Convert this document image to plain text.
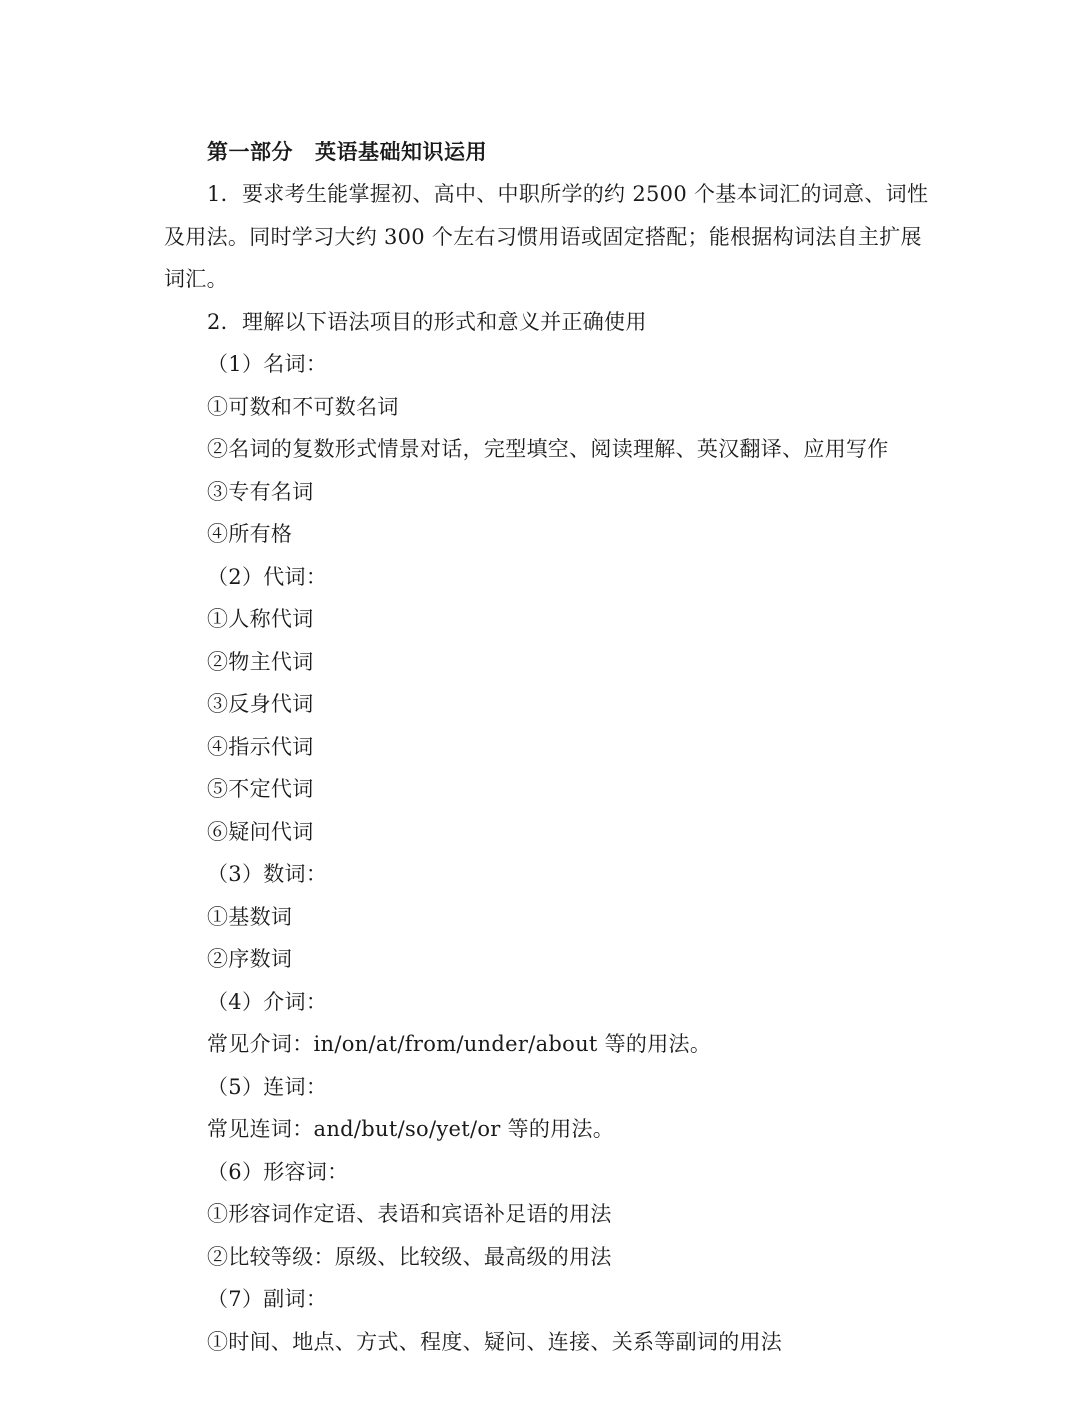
第一部分 英语基础知识运用
1．要求考生能掌握初、高中、中职所学的约 2500 个基本词汇的词意、词性
及用法。同时学习大约 300 个左右习惯用语或固定搭配；能根据构词法自主扩展
词汇。
2．理解以下语法项目的形式和意义并正确使用
（1）名词：
①可数和不可数名词
②名词的复数形式情景对话，完型填空、阅读理解、英汉翻译、应用写作
③专有名词
④所有格
（2）代词：
①人称代词
②物主代词
③反身代词
④指示代词
⑤不定代词
⑥疑问代词
（3）数词：
①基数词
②序数词
（4）介词：
常见介词：in/on/at/from/under/about 等的用法。
（5）连词：
常见连词：and/but/so/yet/or 等的用法。
（6）形容词：
①形容词作定语、表语和宾语补足语的用法
②比较等级：原级、比较级、最高级的用法
（7）副词：
①时间、地点、方式、程度、疑问、连接、关系等副词的用法
